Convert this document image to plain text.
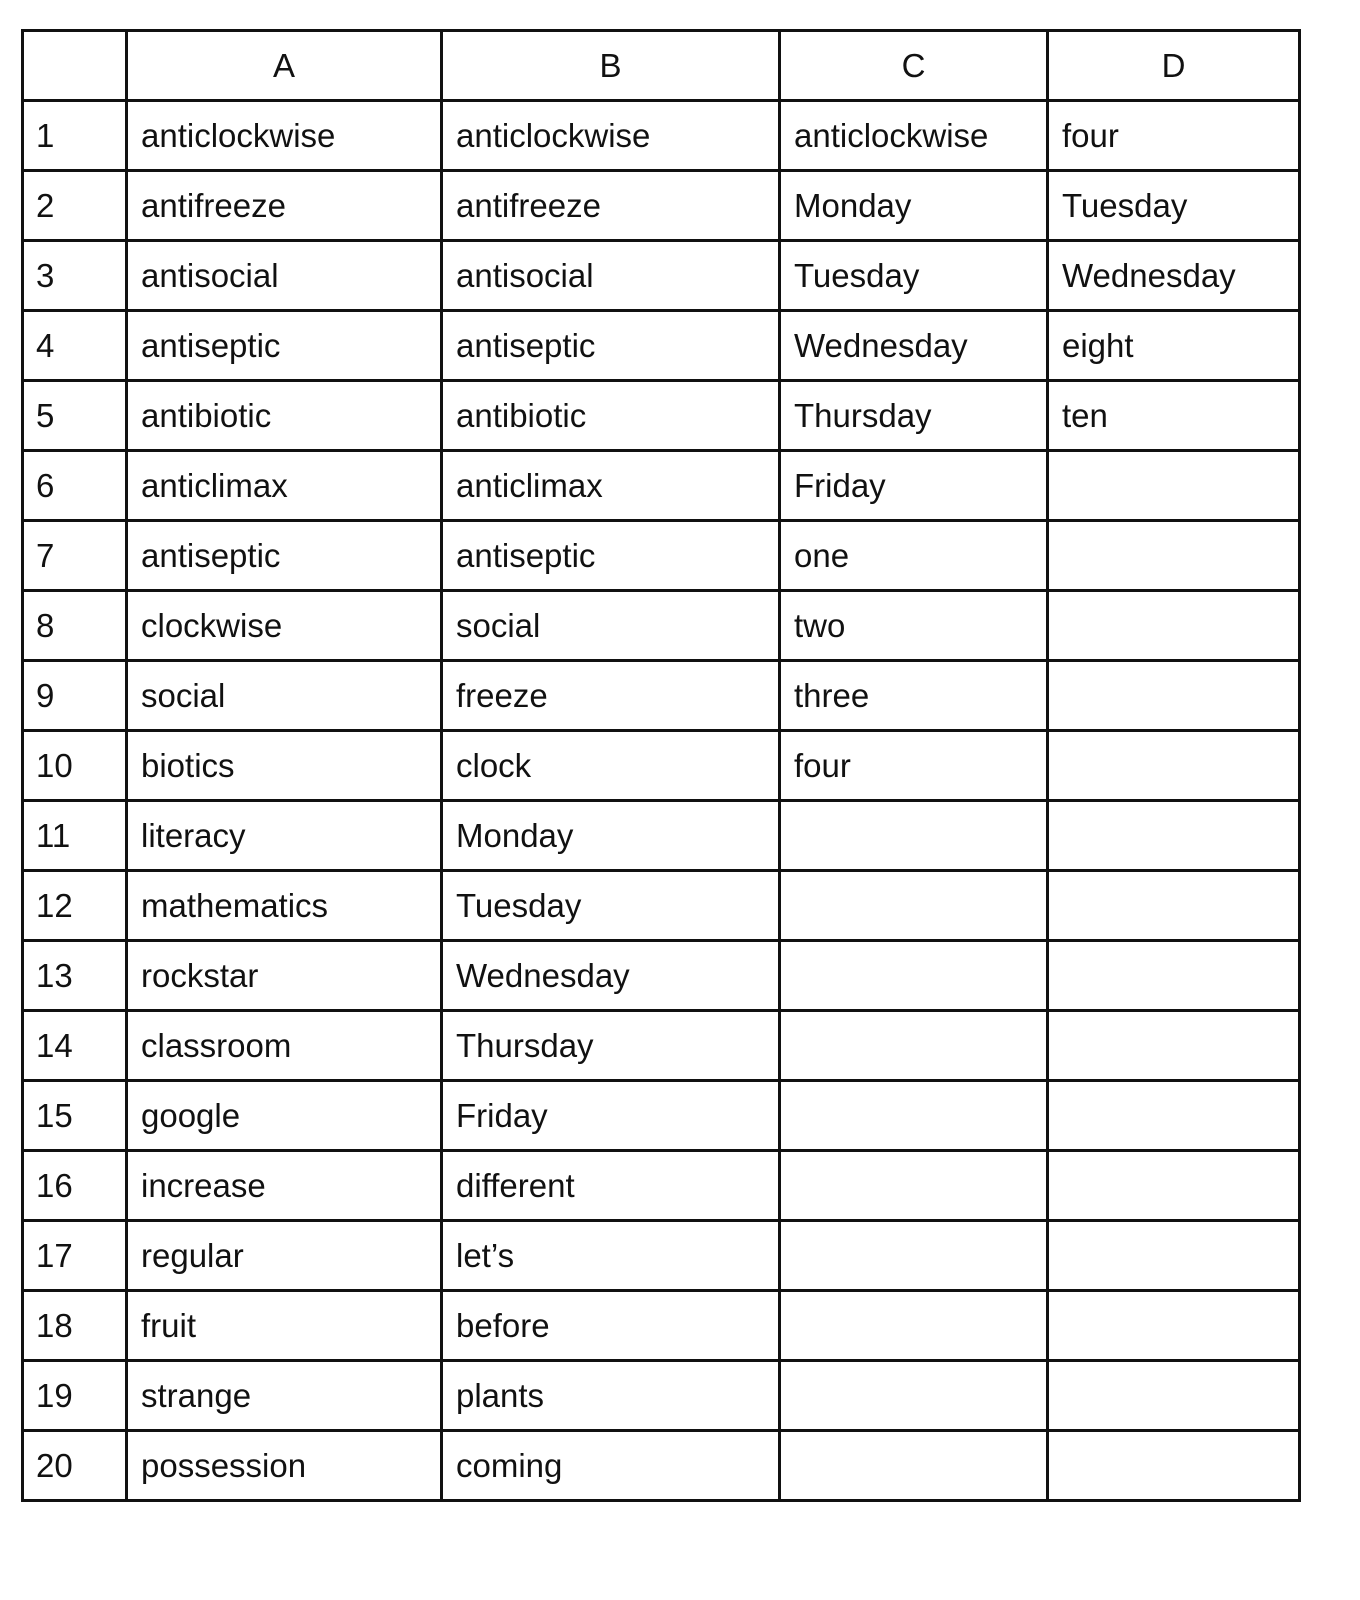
	A	B	C	D
1	anticlockwise	anticlockwise	anticlockwise	four
2	antifreeze	antifreeze	Monday	Tuesday
3	antisocial	antisocial	Tuesday	Wednesday
4	antiseptic	antiseptic	Wednesday	eight
5	antibiotic	antibiotic	Thursday	ten
6	anticlimax	anticlimax	Friday	
7	antiseptic	antiseptic	one	
8	clockwise	social	two	
9	social	freeze	three	
10	biotics	clock	four	
11	literacy	Monday		
12	mathematics	Tuesday		
13	rockstar	Wednesday		
14	classroom	Thursday		
15	google	Friday		
16	increase	different		
17	regular	let’s		
18	fruit	before		
19	strange	plants		
20	possession	coming		
